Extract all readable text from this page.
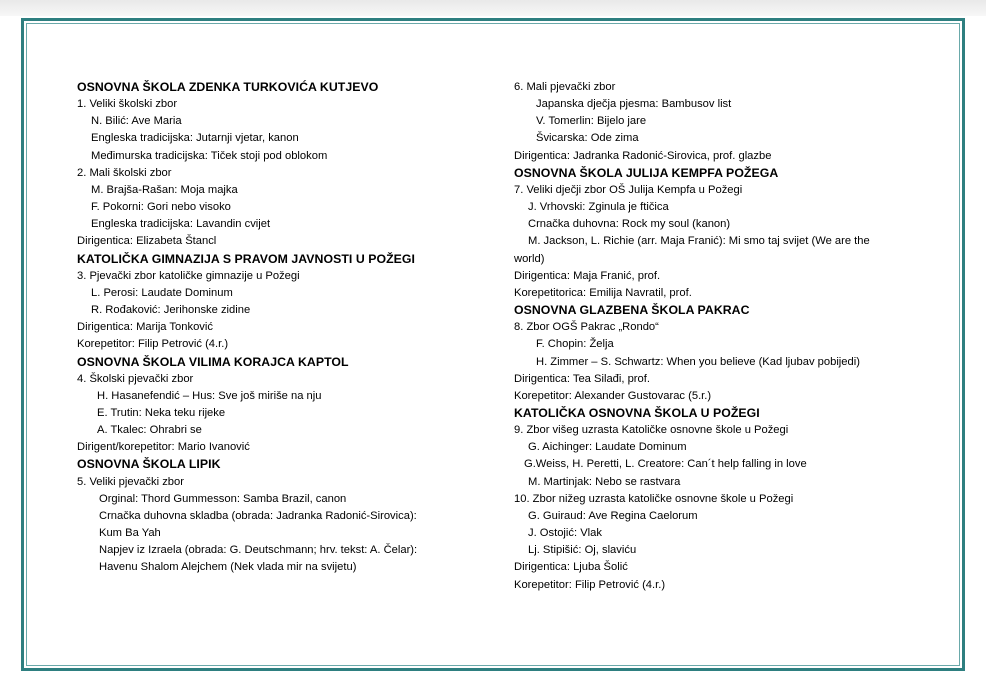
OSNOVNA ŠKOLA ZDENKA TURKOVIĆA KUTJEVO
1. Veliki školski zbor
N. Bilić: Ave Maria
Engleska tradicijska: Jutarnji vjetar, kanon
Međimurska tradicijska: Tiček stoji pod oblokom
2. Mali školski zbor
M. Brajša-Rašan: Moja majka
F. Pokorni: Gori nebo visoko
Engleska tradicijska: Lavandin cvijet
Dirigentica: Elizabeta Štancl
KATOLIČKA GIMNAZIJA S PRAVOM JAVNOSTI U POŽEGI
3. Pjevački zbor katoličke gimnazije u Požegi
L. Perosi: Laudate Dominum
R. Rođaković: Jerihonske zidine
Dirigentica: Marija Tonković
Korepetitor: Filip Petrović (4.r.)
OSNOVNA ŠKOLA VILIMA KORAJCA KAPTOL
4. Školski pjevački zbor
H. Hasanefendić – Hus: Sve još miriše na nju
E. Trutin: Neka teku rijeke
A. Tkalec: Ohrabri se
Dirigent/korepetitor: Mario Ivanović
OSNOVNA ŠKOLA LIPIK
5. Veliki pjevački zbor
Orginal: Thord Gummesson: Samba Brazil, canon
Crnačka duhovna skladba (obrada: Jadranka Radonić-Sirovica):
Kum Ba Yah
Napjev iz Izraela (obrada: G. Deutschmann; hrv. tekst: A. Čelar):
Havenu Shalom Alejchem (Nek vlada mir na svijetu)
6. Mali pjevački zbor
Japanska dječja pjesma: Bambusov list
V. Tomerlin: Bijelo jare
Švicarska: Ode zima
Dirigentica: Jadranka Radonić-Sirovica, prof. glazbe
OSNOVNA ŠKOLA JULIJA KEMPFA POŽEGA
7. Veliki dječji zbor OŠ Julija Kempfa u Požegi
J. Vrhovski: Zginula je ftičica
Crnačka duhovna: Rock my soul (kanon)
M. Jackson, L. Richie (arr. Maja Franić): Mi smo taj svijet (We are the
world)
Dirigentica: Maja Franić, prof.
Korepetitorica: Emilija Navratil, prof.
OSNOVNA GLAZBENA ŠKOLA PAKRAC
8. Zbor OGŠ Pakrac „Rondo“
F. Chopin: Želja
H. Zimmer – S. Schwartz: When you believe (Kad ljubav pobijedi)
Dirigentica: Tea Silađi, prof.
Korepetitor: Alexander Gustovarac (5.r.)
KATOLIČKA OSNOVNA ŠKOLA U POŽEGI
9. Zbor višeg uzrasta Katoličke osnovne škole u Požegi
G. Aichinger: Laudate Dominum
G.Weiss, H. Peretti, L. Creatore: Can´t help falling in love
M. Martinjak: Nebo se rastvara
10. Zbor nižeg uzrasta katoličke osnovne škole u Požegi
G. Guiraud: Ave Regina Caelorum
J. Ostojić: Vlak
Lj. Stipišić: Oj, slaviću
Dirigentica: Ljuba Šolić
Korepetitor: Filip Petrović (4.r.)
